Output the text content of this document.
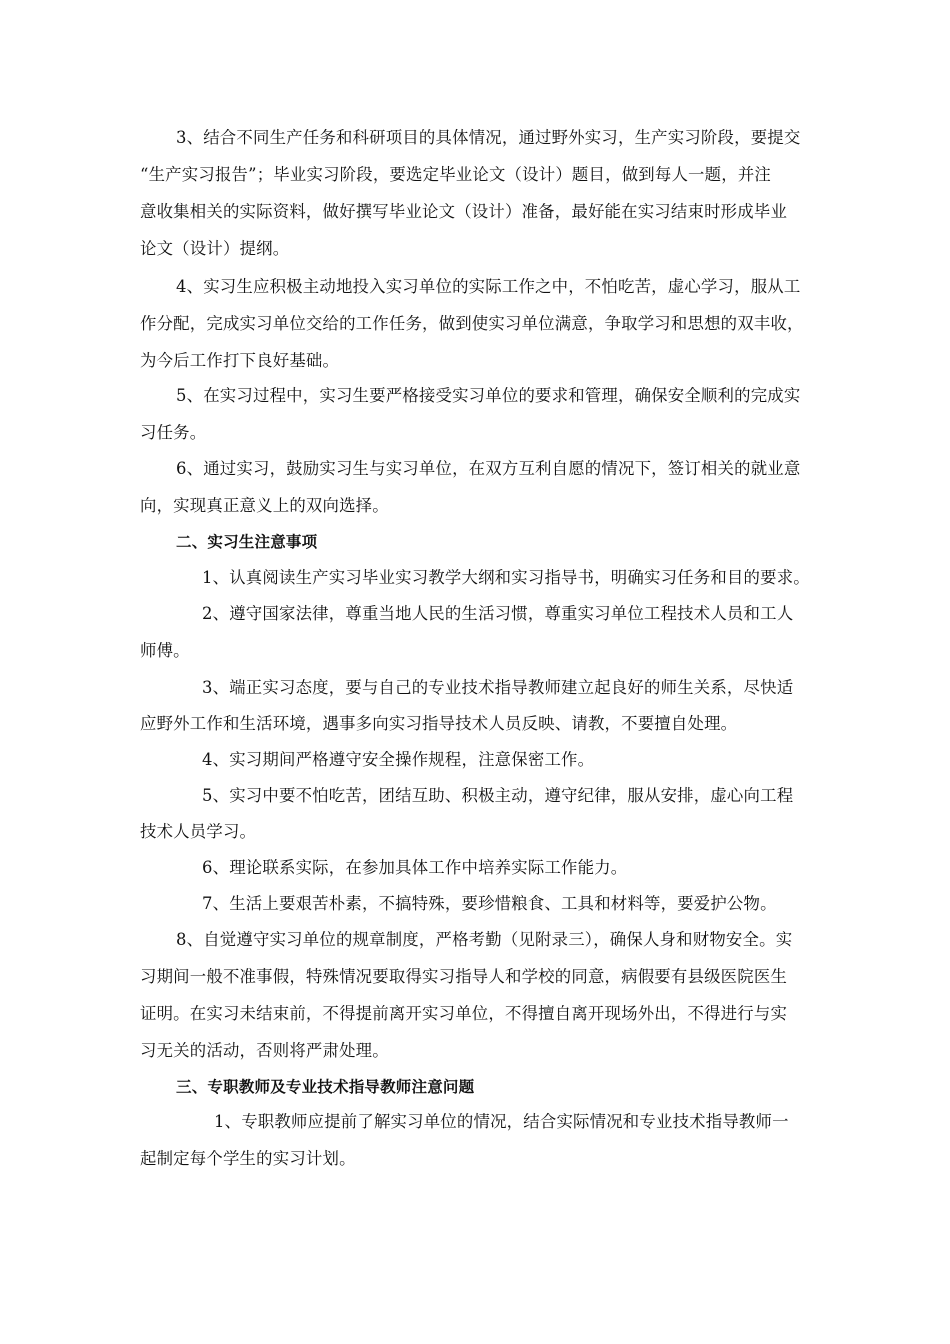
3、结合不同生产任务和科研项目的具体情况，通过野外实习，生产实习阶段，要提交
“生产实习报告”；毕业实习阶段，要选定毕业论文（设计）题目，做到每人一题，并注
意收集相关的实际资料，做好撰写毕业论文（设计）准备，最好能在实习结束时形成毕业
论文（设计）提纲。
4、实习生应积极主动地投入实习单位的实际工作之中，不怕吃苦，虚心学习，服从工
作分配，完成实习单位交给的工作任务，做到使实习单位满意，争取学习和思想的双丰收，
为今后工作打下良好基础。
5、在实习过程中，实习生要严格接受实习单位的要求和管理，确保安全顺利的完成实
习任务。
6、通过实习，鼓励实习生与实习单位，在双方互利自愿的情况下，签订相关的就业意
向，实现真正意义上的双向选择。
二、实习生注意事项
1、认真阅读生产实习毕业实习教学大纲和实习指导书，明确实习任务和目的要求。
2、遵守国家法律，尊重当地人民的生活习惯，尊重实习单位工程技术人员和工人
师傅。
3、端正实习态度，要与自己的专业技术指导教师建立起良好的师生关系，尽快适
应野外工作和生活环境，遇事多向实习指导技术人员反映、请教，不要擅自处理。
4、实习期间严格遵守安全操作规程，注意保密工作。
5、实习中要不怕吃苦，团结互助、积极主动，遵守纪律，服从安排，虚心向工程
技术人员学习。
6、理论联系实际，在参加具体工作中培养实际工作能力。
7、生活上要艰苦朴素，不搞特殊，要珍惜粮食、工具和材料等，要爱护公物。
8、自觉遵守实习单位的规章制度，严格考勤（见附录三），确保人身和财物安全。实
习期间一般不准事假，特殊情况要取得实习指导人和学校的同意，病假要有县级医院医生
证明。在实习未结束前，不得提前离开实习单位，不得擅自离开现场外出，不得进行与实
习无关的活动，否则将严肃处理。
三、专职教师及专业技术指导教师注意问题
1、专职教师应提前了解实习单位的情况，结合实际情况和专业技术指导教师一
起制定每个学生的实习计划。
